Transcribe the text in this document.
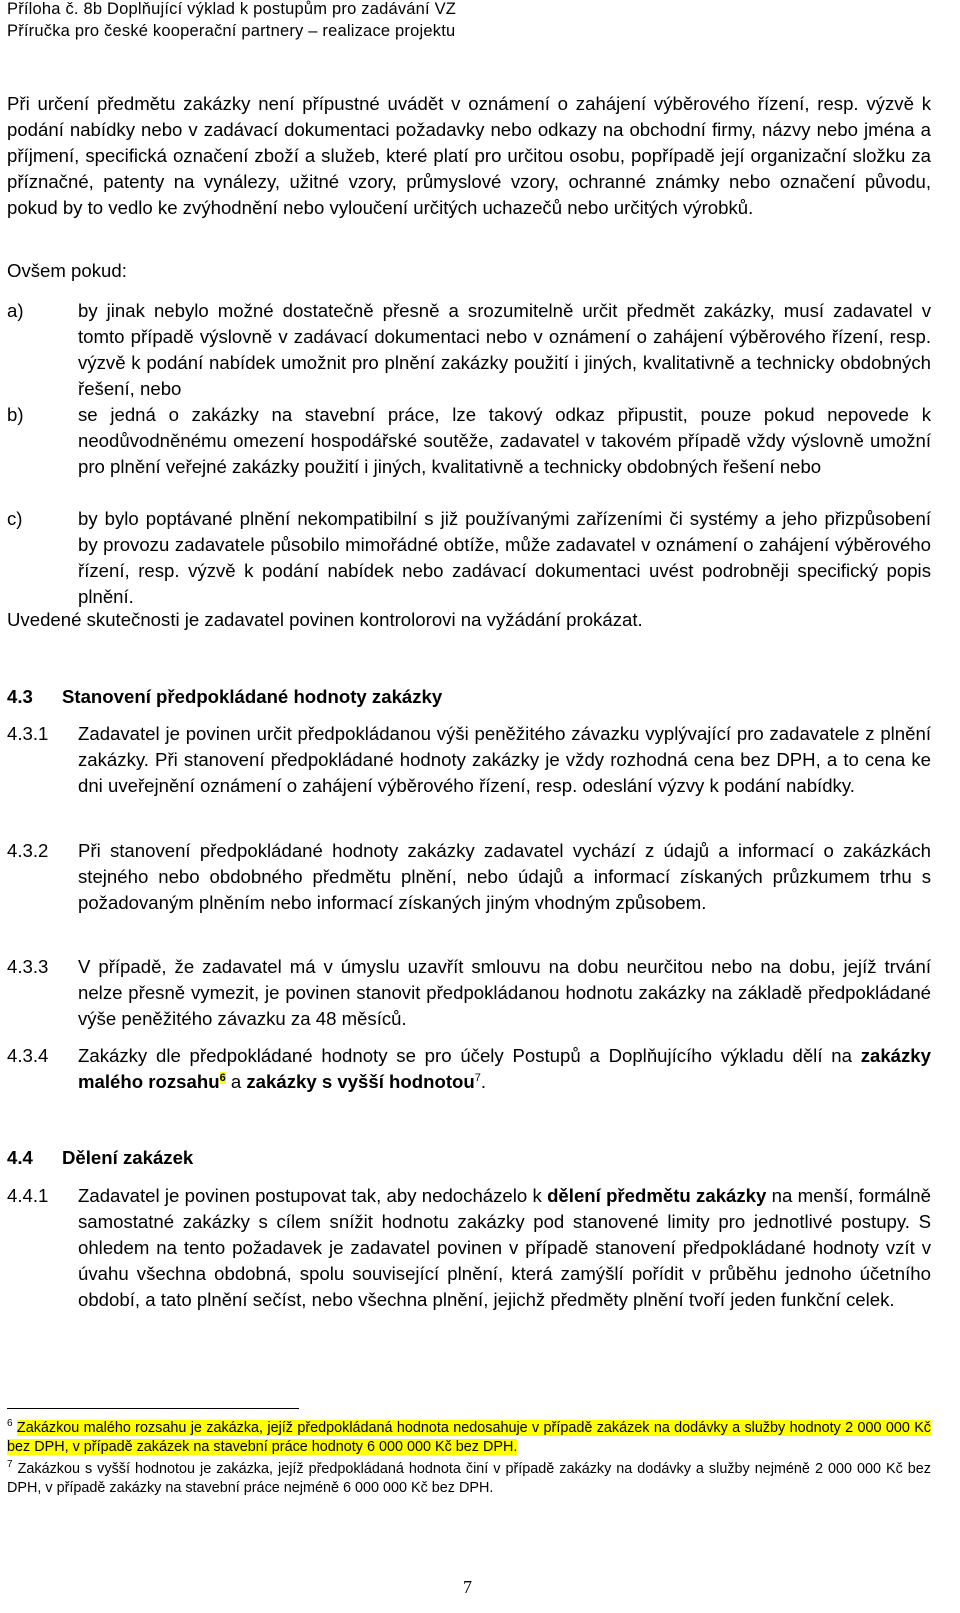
Příloha č. 8b Doplňující výklad k postupům pro zadávání VZ
Příručka pro české kooperační partnery – realizace projektu
Při určení předmětu zakázky není přípustné uvádět v oznámení o zahájení výběrového řízení, resp. výzvě k podání nabídky nebo v zadávací dokumentaci požadavky nebo odkazy na obchodní firmy, názvy nebo jména a příjmení, specifická označení zboží a služeb, které platí pro určitou osobu, popřípadě její organizační složku za příznačné, patenty na vynálezy, užitné vzory, průmyslové vzory, ochranné známky nebo označení původu, pokud by to vedlo ke zvýhodnění nebo vyloučení určitých uchazečů nebo určitých výrobků.
Ovšem pokud:
a)	by jinak nebylo možné dostatečně přesně a srozumitelně určit předmět zakázky, musí zadavatel v tomto případě výslovně v zadávací dokumentaci nebo v oznámení o zahájení výběrového řízení, resp. výzvě k podání nabídek umožnit pro plnění zakázky použití i jiných, kvalitativně a technicky obdobných řešení, nebo
b)	se jedná o zakázky na stavební práce, lze takový odkaz připustit, pouze pokud nepovede k neodůvodněnému omezení hospodářské soutěže, zadavatel v takovém případě vždy výslovně umožní pro plnění veřejné zakázky použití i jiných, kvalitativně a technicky obdobných řešení nebo
c)	by bylo poptávané plnění nekompatibilní s již používanými zařízeními či systémy a jeho přizpůsobení by provozu zadavatele působilo mimořádné obtíže, může zadavatel v oznámení o zahájení výběrového řízení, resp. výzvě k podání nabídek nebo zadávací dokumentaci uvést podrobněji specifický popis plnění.
Uvedené skutečnosti je zadavatel povinen kontrolorovi na vyžádání prokázat.
4.3 Stanovení předpokládané hodnoty zakázky
4.3.1 Zadavatel je povinen určit předpokládanou výši peněžitého závazku vyplývající pro zadavatele z plnění zakázky. Při stanovení předpokládané hodnoty zakázky je vždy rozhodná cena bez DPH, a to cena ke dni uveřejnění oznámení o zahájení výběrového řízení, resp. odeslání výzvy k podání nabídky.
4.3.2 Při stanovení předpokládané hodnoty zakázky zadavatel vychází z údajů a informací o zakázkách stejného nebo obdobného předmětu plnění, nebo údajů a informací získaných průzkumem trhu s požadovaným plněním nebo informací získaných jiným vhodným způsobem.
4.3.3 V případě, že zadavatel má v úmyslu uzavřít smlouvu na dobu neurčitou nebo na dobu, jejíž trvání nelze přesně vymezit, je povinen stanovit předpokládanou hodnotu zakázky na základě předpokládané výše peněžitého závazku za 48 měsíců.
4.3.4 Zakázky dle předpokládané hodnoty se pro účely Postupů a Doplňujícího výkladu dělí na zakázky malého rozsahu$^6$ a zakázky s vyšší hodnotou$^7$.
4.4 Dělení zakázek
4.4.1 Zadavatel je povinen postupovat tak, aby nedocházelo k dělení předmětu zakázky na menší, formálně samostatné zakázky s cílem snížit hodnotu zakázky pod stanovené limity pro jednotlivé postupy. S ohledem na tento požadavek je zadavatel povinen v případě stanovení předpokládané hodnoty vzít v úvahu všechna obdobná, spolu související plnění, která zamýšlí pořídit v průběhu jednoho účetního období, a tato plnění sečíst, nebo všechna plnění, jejichž předměty plnění tvoří jeden funkční celek.
$^6$ Zakázkou malého rozsahu je zakázka, jejíž předpokládaná hodnota nedosahuje v případě zakázek na dodávky a služby hodnoty 2 000 000 Kč bez DPH, v případě zakázek na stavební práce hodnoty 6 000 000 Kč bez DPH.
$^7$ Zakázkou s vyšší hodnotou je zakázka, jejíž předpokládaná hodnota činí v případě zakázky na dodávky a služby nejméně 2 000 000 Kč bez DPH, v případě zakázky na stavební práce nejméně 6 000 000 Kč bez DPH.
7
